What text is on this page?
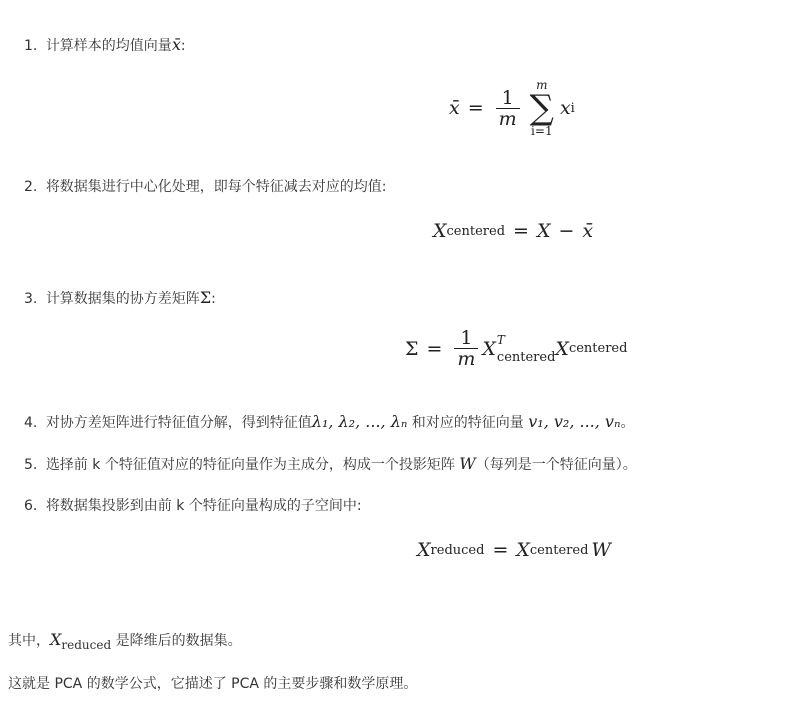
1. 计算样本的均值向量x̄:
x̄ = $\frac{1}{m}$
m
∑
i=1
x i
2. 将数据集进行中心化处理，即每个特征减去对应的均值:
X centered = X − x̄
3. 计算数据集的协方差矩阵Σ:
$\Sigma = \frac{1}{m}$ X T
centered X centered
4. 对协方差矩阵进行特征值分解，得到特征值λ₁, λ₂, ..., λₙ 和对应的特征向量 v₁, v₂, ..., vₙ。
5. 选择前 k 个特征值对应的特征向量作为主成分，构成一个投影矩阵 W（每列是一个特征向量）。
6. 将数据集投影到由前 k 个特征向量构成的子空间中:
X reduced = X centered W
其中，Xreduced 是降维后的数据集。
这就是 PCA 的数学公式，它描述了 PCA 的主要步骤和数学原理。
